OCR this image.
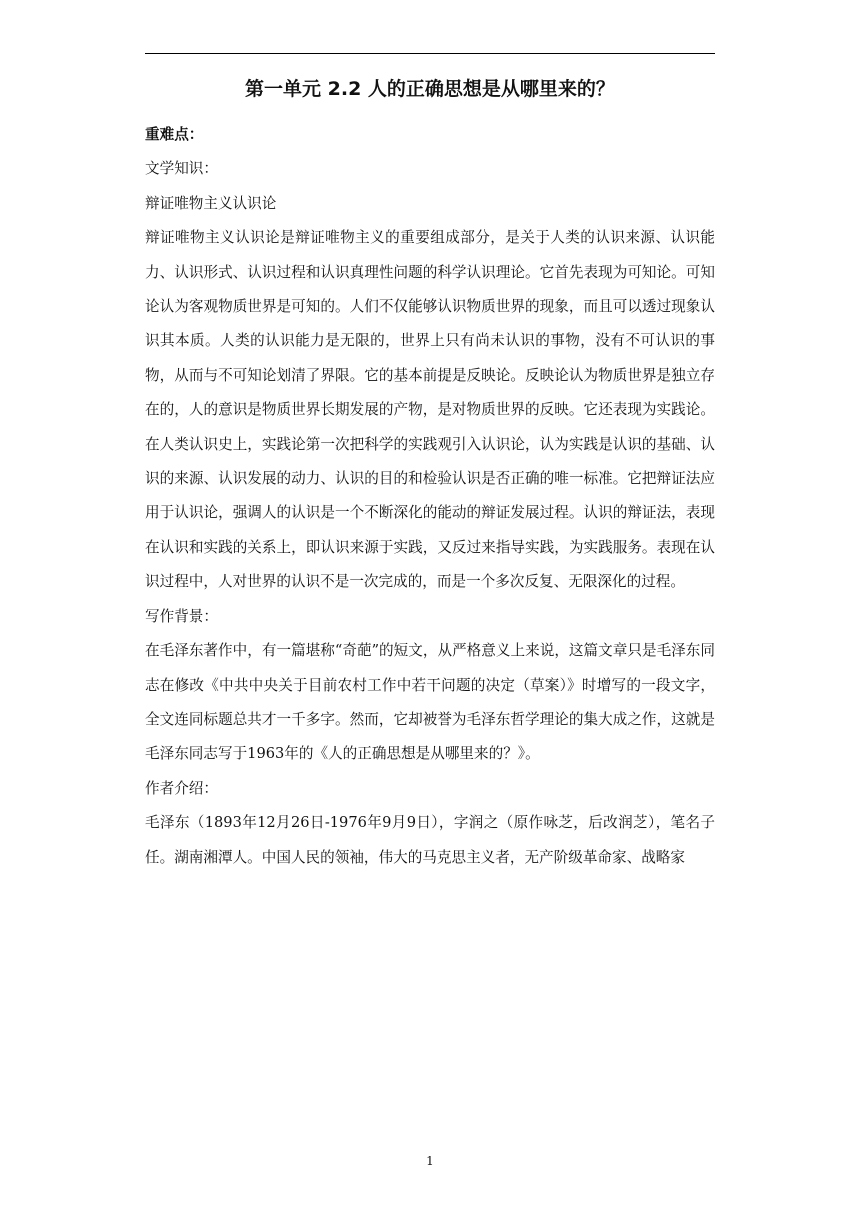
第一单元 2.2 人的正确思想是从哪里来的？

重难点：

文学知识：

辩证唯物主义认识论

辩证唯物主义认识论是辩证唯物主义的重要组成部分，是关于人类的认识来源、认识能力、认识形式、认识过程和认识真理性问题的科学认识理论。它首先表现为可知论。可知论认为客观物质世界是可知的。人们不仅能够认识物质世界的现象，而且可以透过现象认识其本质。人类的认识能力是无限的，世界上只有尚未认识的事物，没有不可认识的事物，从而与不可知论划清了界限。它的基本前提是反映论。反映论认为物质世界是独立存在的，人的意识是物质世界长期发展的产物，是对物质世界的反映。它还表现为实践论。在人类认识史上，实践论第一次把科学的实践观引入认识论，认为实践是认识的基础、认识的来源、认识发展的动力、认识的目的和检验认识是否正确的唯一标准。它把辩证法应用于认识论，强调人的认识是一个不断深化的能动的辩证发展过程。认识的辩证法，表现在认识和实践的关系上，即认识来源于实践，又反过来指导实践，为实践服务。表现在认识过程中，人对世界的认识不是一次完成的，而是一个多次反复、无限深化的过程。

写作背景：

在毛泽东著作中，有一篇堪称“奇葩”的短文，从严格意义上来说，这篇文章只是毛泽东同志在修改《中共中央关于目前农村工作中若干问题的决定（草案）》时增写的一段文字，全文连同标题总共才一千多字。然而，它却被誉为毛泽东哲学理论的集大成之作，这就是毛泽东同志写于1963年的《人的正确思想是从哪里来的？》。

作者介绍：

毛泽东（1893年12月26日-1976年9月9日），字润之（原作咏芝，后改润芝），笔名子任。湖南湘潭人。中国人民的领袖，伟大的马克思主义者，无产阶级革命家、战略家

1
